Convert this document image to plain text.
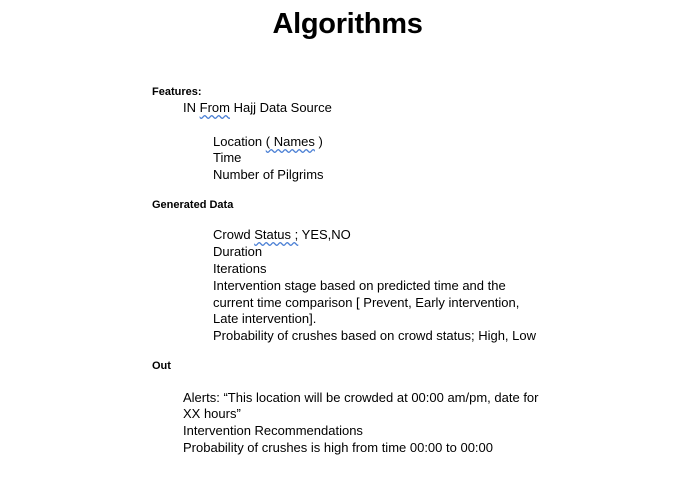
Algorithms
Features:
IN From Hajj Data Source
Location ( Names )
Time
Number of Pilgrims
Generated Data
Crowd Status ; YES,NO
Duration
Iterations
Intervention stage based on predicted time and the
current time comparison [ Prevent, Early intervention,
Late intervention].
Probability of crushes based on crowd status; High, Low
Out
Alerts: “This location will be crowded at 00:00 am/pm, date for
XX hours”
Intervention Recommendations
Probability of crushes is high from time 00:00 to 00:00
